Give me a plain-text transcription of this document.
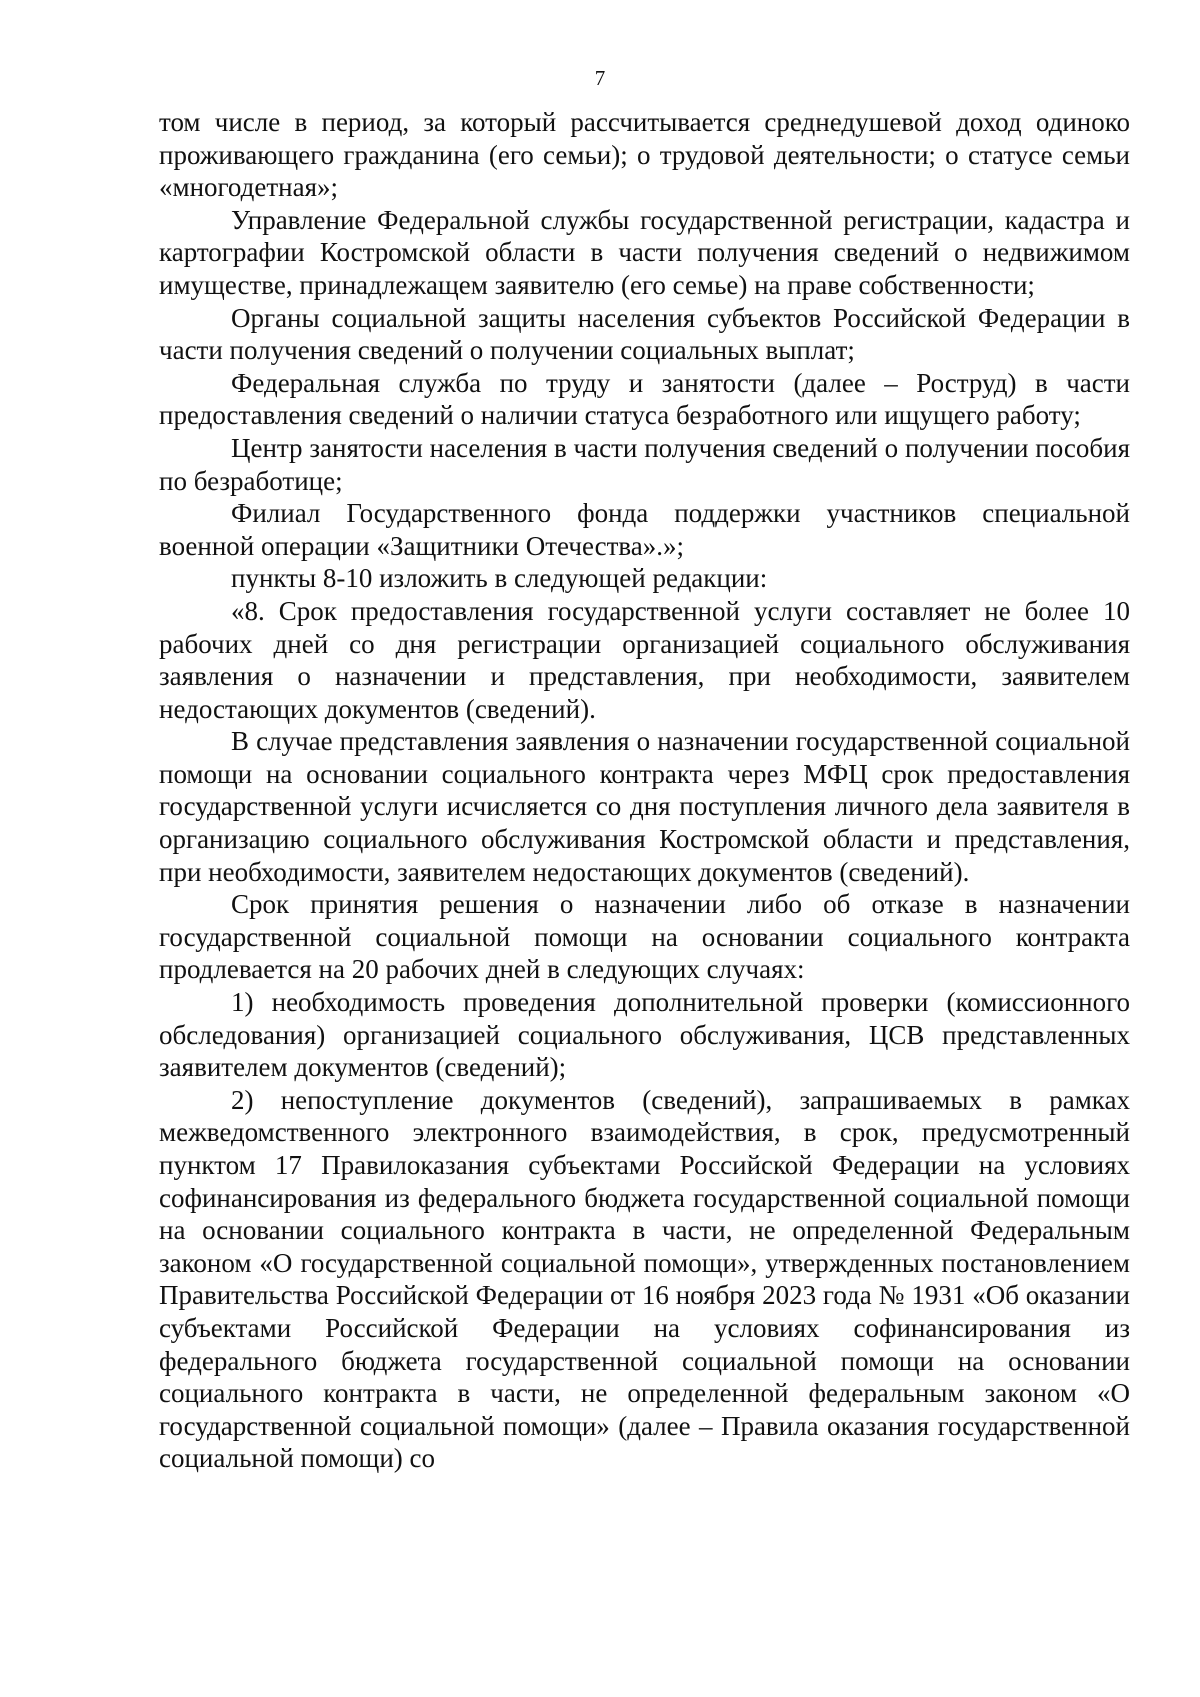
7

том числе в период, за который рассчитывается среднедушевой доход одиноко проживающего гражданина (его семьи); о трудовой деятельности; о статусе семьи «многодетная»;

Управление Федеральной службы государственной регистрации, кадастра и картографии Костромской области в части получения сведений о недвижимом имуществе, принадлежащем заявителю (его семье) на праве собственности;

Органы социальной защиты населения субъектов Российской Федерации в части получения сведений о получении социальных выплат;

Федеральная служба по труду и занятости (далее – Роструд) в части предоставления сведений о наличии статуса безработного или ищущего работу;

Центр занятости населения в части получения сведений о получении пособия по безработице;

Филиал Государственного фонда поддержки участников специальной военной операции «Защитники Отечества».»;

пункты 8-10 изложить в следующей редакции:

«8. Срок предоставления государственной услуги составляет не более 10 рабочих дней со дня регистрации организацией социального обслуживания заявления о назначении и представления, при необходимости, заявителем недостающих документов (сведений).

В случае представления заявления о назначении государственной социальной помощи на основании социального контракта через МФЦ срок предоставления государственной услуги исчисляется со дня поступления личного дела заявителя в организацию социального обслуживания Костромской области и представления, при необходимости, заявителем недостающих документов (сведений).

Срок принятия решения о назначении либо об отказе в назначении государственной социальной помощи на основании социального контракта продлевается на 20 рабочих дней в следующих случаях:

1) необходимость проведения дополнительной проверки (комиссионного обследования) организацией социального обслуживания, ЦСВ представленных заявителем документов (сведений);

2) непоступление документов (сведений), запрашиваемых в рамках межведомственного электронного взаимодействия, в срок, предусмотренный пунктом 17 Правилоказания субъектами Российской Федерации на условиях софинансирования из федерального бюджета государственной социальной помощи на основании социального контракта в части, не определенной Федеральным законом «О государственной социальной помощи», утвержденных постановлением Правительства Российской Федерации от 16 ноября 2023 года № 1931 «Об оказании субъектами Российской Федерации на условиях софинансирования из федерального бюджета государственной социальной помощи на основании социального контракта в части, не определенной федеральным законом «О государственной социальной помощи» (далее – Правила оказания государственной социальной помощи) со
